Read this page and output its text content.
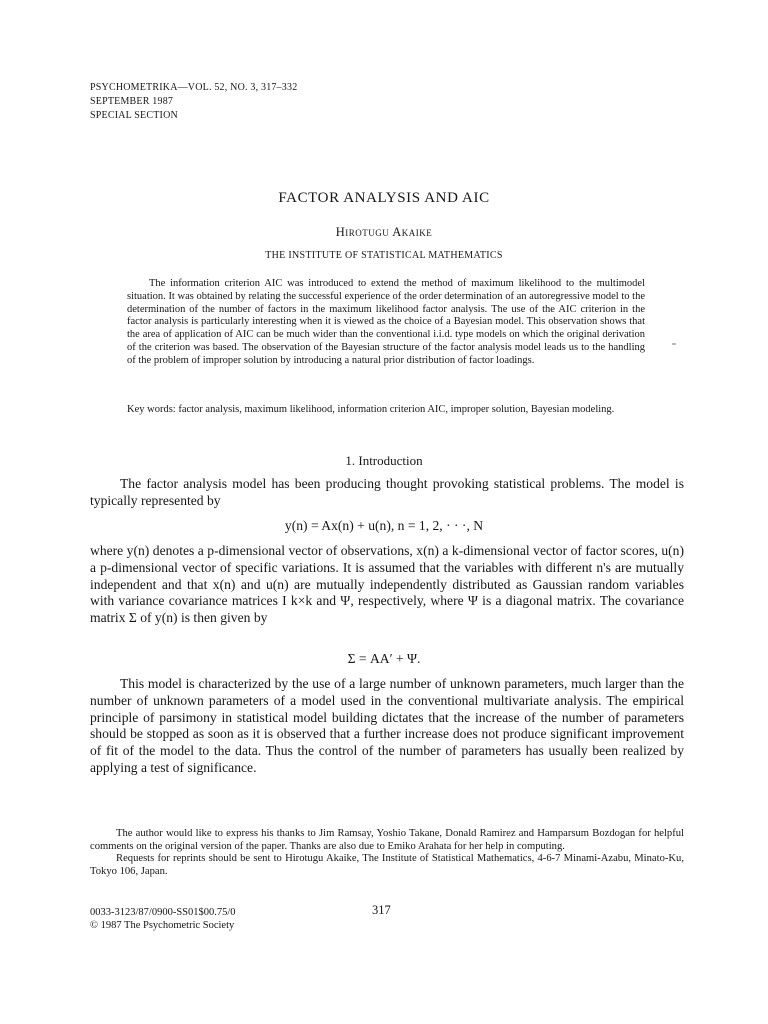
PSYCHOMETRIKA—VOL. 52, NO. 3, 317–332
SEPTEMBER 1987
SPECIAL SECTION
FACTOR ANALYSIS AND AIC
Hirotugu Akaike
THE INSTITUTE OF STATISTICAL MATHEMATICS

The information criterion AIC was introduced to extend the method of maximum likelihood to the multimodel situation. It was obtained by relating the successful experience of the order determination of an autoregressive model to the determination of the number of factors in the maximum likelihood factor analysis. The use of the AIC criterion in the factor analysis is particularly interesting when it is viewed as the choice of a Bayesian model. This observation shows that the area of application of AIC can be much wider than the conventional i.i.d. type models on which the original derivation of the criterion was based. The observation of the Bayesian structure of the factor analysis model leads us to the handling of the problem of improper solution by introducing a natural prior distribution of factor loadings.

Key words: factor analysis, maximum likelihood, information criterion AIC, improper solution, Bayesian modeling.

1. Introduction

The factor analysis model has been producing thought provoking statistical problems. The model is typically represented by

y(n) = Ax(n) + u(n), n = 1, 2, · · ·, N

where y(n) denotes a p-dimensional vector of observations, x(n) a k-dimensional vector of factor scores, u(n) a p-dimensional vector of specific variations. It is assumed that the variables with different n's are mutually independent and that x(n) and u(n) are mutually independently distributed as Gaussian random variables with variance covariance matrices I k×k and Ψ, respectively, where Ψ is a diagonal matrix. The covariance matrix Σ of y(n) is then given by

Σ = AA′ + Ψ.

This model is characterized by the use of a large number of unknown parameters, much larger than the number of unknown parameters of a model used in the conventional multivariate analysis. The empirical principle of parsimony in statistical model building dictates that the increase of the number of parameters should be stopped as soon as it is observed that a further increase does not produce significant improvement of fit of the model to the data. Thus the control of the number of parameters has usually been realized by applying a test of significance.

The author would like to express his thanks to Jim Ramsay, Yoshio Takane, Donald Ramirez and Hamparsum Bozdogan for helpful comments on the original version of the paper. Thanks are also due to Emiko Arahata for her help in computing.

Requests for reprints should be sent to Hirotugu Akaike, The Institute of Statistical Mathematics, 4-6-7 Minami-Azabu, Minato-Ku, Tokyo 106, Japan.

0033-3123/87/0900-SS01$00.75/0
© 1987 The Psychometric Society
317
